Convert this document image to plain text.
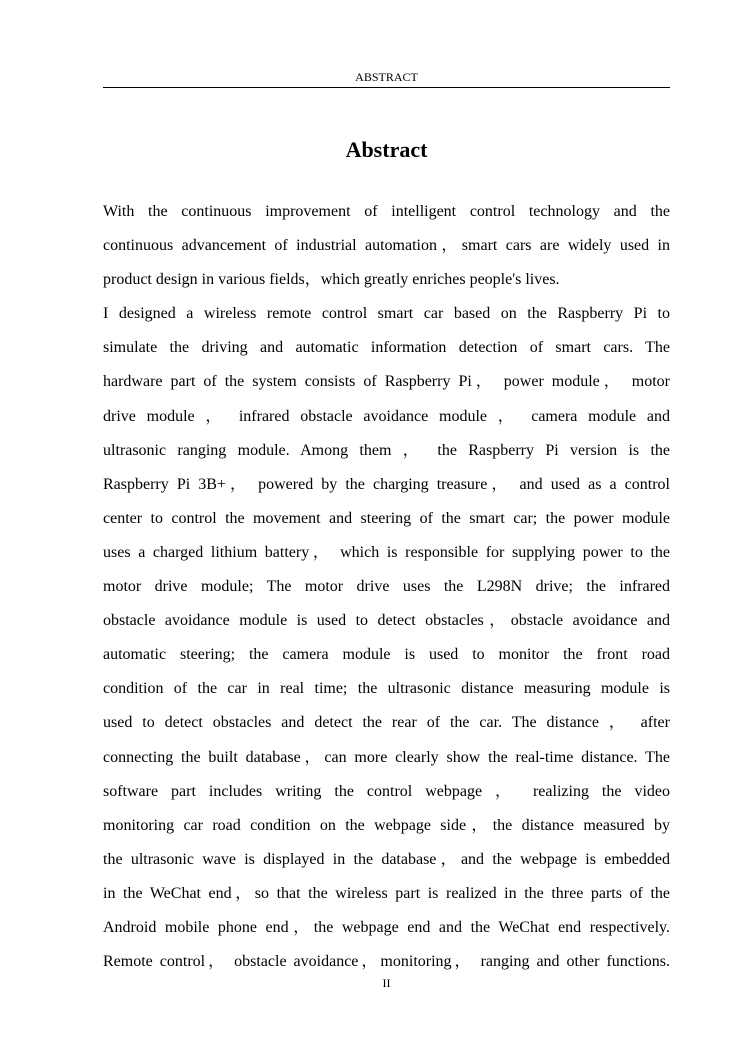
ABSTRACT
Abstract
With the continuous improvement of intelligent control technology and the
continuous advancement of industrial automation，smart cars are widely used in
product design in various fields，which greatly enriches people's lives.
I designed a wireless remote control smart car based on the Raspberry Pi to
simulate the driving and automatic information detection of smart cars. The
hardware part of the system consists of Raspberry Pi， power module， motor
drive module ， infrared obstacle avoidance module ， camera module and
ultrasonic ranging module. Among them ， the Raspberry Pi version is the
Raspberry Pi 3B+， powered by the charging treasure， and used as a control
center to control the movement and steering of the smart car; the power module
uses a charged lithium battery， which is responsible for supplying power to the
motor drive module; The motor drive uses the L298N drive; the infrared
obstacle avoidance module is used to detect obstacles，obstacle avoidance and
automatic steering; the camera module is used to monitor the front road
condition of the car in real time; the ultrasonic distance measuring module is
used to detect obstacles and detect the rear of the car. The distance ， after
connecting the built database，can more clearly show the real-time distance. The
software part includes writing the control webpage ， realizing the video
monitoring car road condition on the webpage side，the distance measured by
the ultrasonic wave is displayed in the database，and the webpage is embedded
in the WeChat end，so that the wireless part is realized in the three parts of the
Android mobile phone end，the webpage end and the WeChat end respectively.
Remote control， obstacle avoidance，monitoring， ranging and other functions.
II
